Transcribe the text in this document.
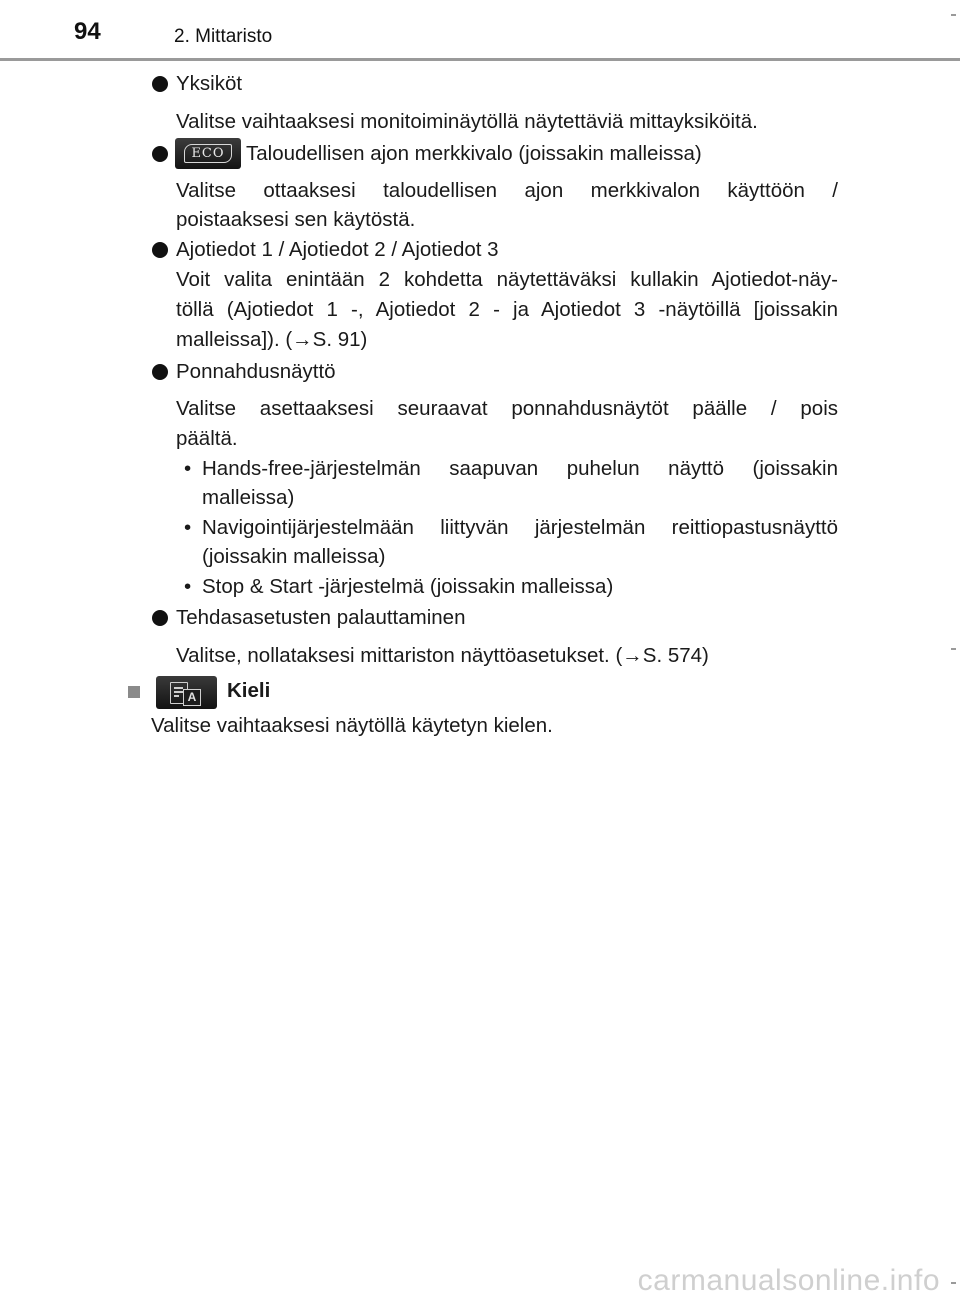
94	2. Mittaristo
Yksiköt
Valitse vaihtaaksesi monitoiminäytöllä näytettäviä mittayksiköitä.
ECO	Taloudellisen ajon merkkivalo (joissakin malleissa)
Valitse ottaaksesi taloudellisen ajon merkkivalon käyttöön /
poistaaksesi sen käytöstä.
Ajotiedot 1 / Ajotiedot 2 / Ajotiedot 3
Voit valita enintään 2 kohdetta näytettäväksi kullakin Ajotiedot-näy-
töllä (Ajotiedot 1 -, Ajotiedot 2 - ja Ajotiedot 3 -näytöillä [joissakin
malleissa]). (→S. 91)
Ponnahdusnäyttö
Valitse asettaaksesi seuraavat ponnahdusnäytöt päälle / pois
päältä.
• Hands-free-järjestelmän saapuvan puhelun näyttö (joissakin
malleissa)
• Navigointijärjestelmään liittyvän järjestelmän reittiopastusnäyttö
(joissakin malleissa)
• Stop & Start -järjestelmä (joissakin malleissa)
Tehdasasetusten palauttaminen
Valitse, nollataksesi mittariston näyttöasetukset. (→S. 574)
A Kieli
Valitse vaihtaaksesi näytöllä käytetyn kielen.
carmanualsonline.info
